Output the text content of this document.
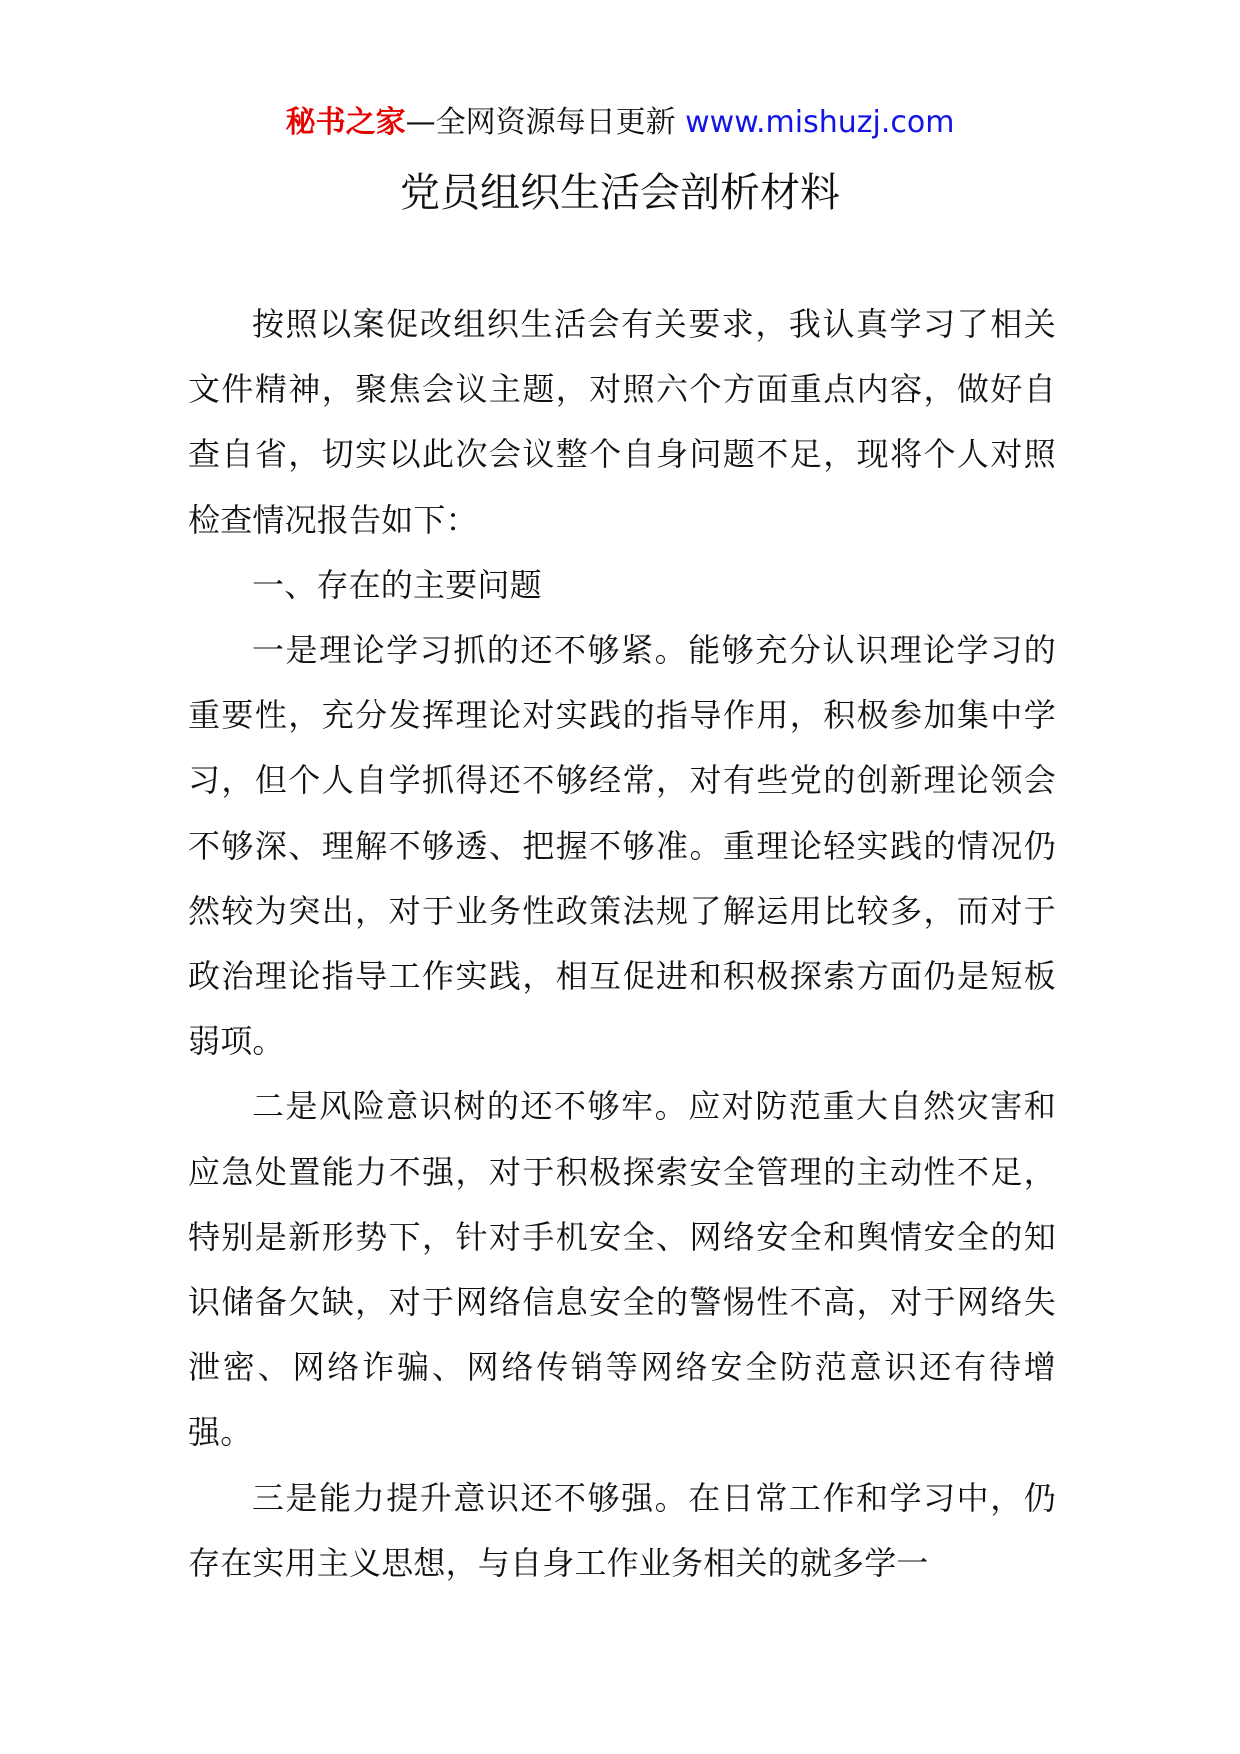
秘书之家—全网资源每日更新 www.mishuzj.com
党员组织生活会剖析材料

按照以案促改组织生活会有关要求，我认真学习了相关文件精神，聚焦会议主题，对照六个方面重点内容，做好自查自省，切实以此次会议整个自身问题不足，现将个人对照检查情况报告如下：

一、存在的主要问题

一是理论学习抓的还不够紧。能够充分认识理论学习的重要性，充分发挥理论对实践的指导作用，积极参加集中学习，但个人自学抓得还不够经常，对有些党的创新理论领会不够深、理解不够透、把握不够准。重理论轻实践的情况仍然较为突出，对于业务性政策法规了解运用比较多，而对于政治理论指导工作实践，相互促进和积极探索方面仍是短板弱项。

二是风险意识树的还不够牢。应对防范重大自然灾害和应急处置能力不强，对于积极探索安全管理的主动性不足，特别是新形势下，针对手机安全、网络安全和舆情安全的知识储备欠缺，对于网络信息安全的警惕性不高，对于网络失泄密、网络诈骗、网络传销等网络安全防范意识还有待增强。

三是能力提升意识还不够强。在日常工作和学习中，仍存在实用主义思想，与自身工作业务相关的就多学一
